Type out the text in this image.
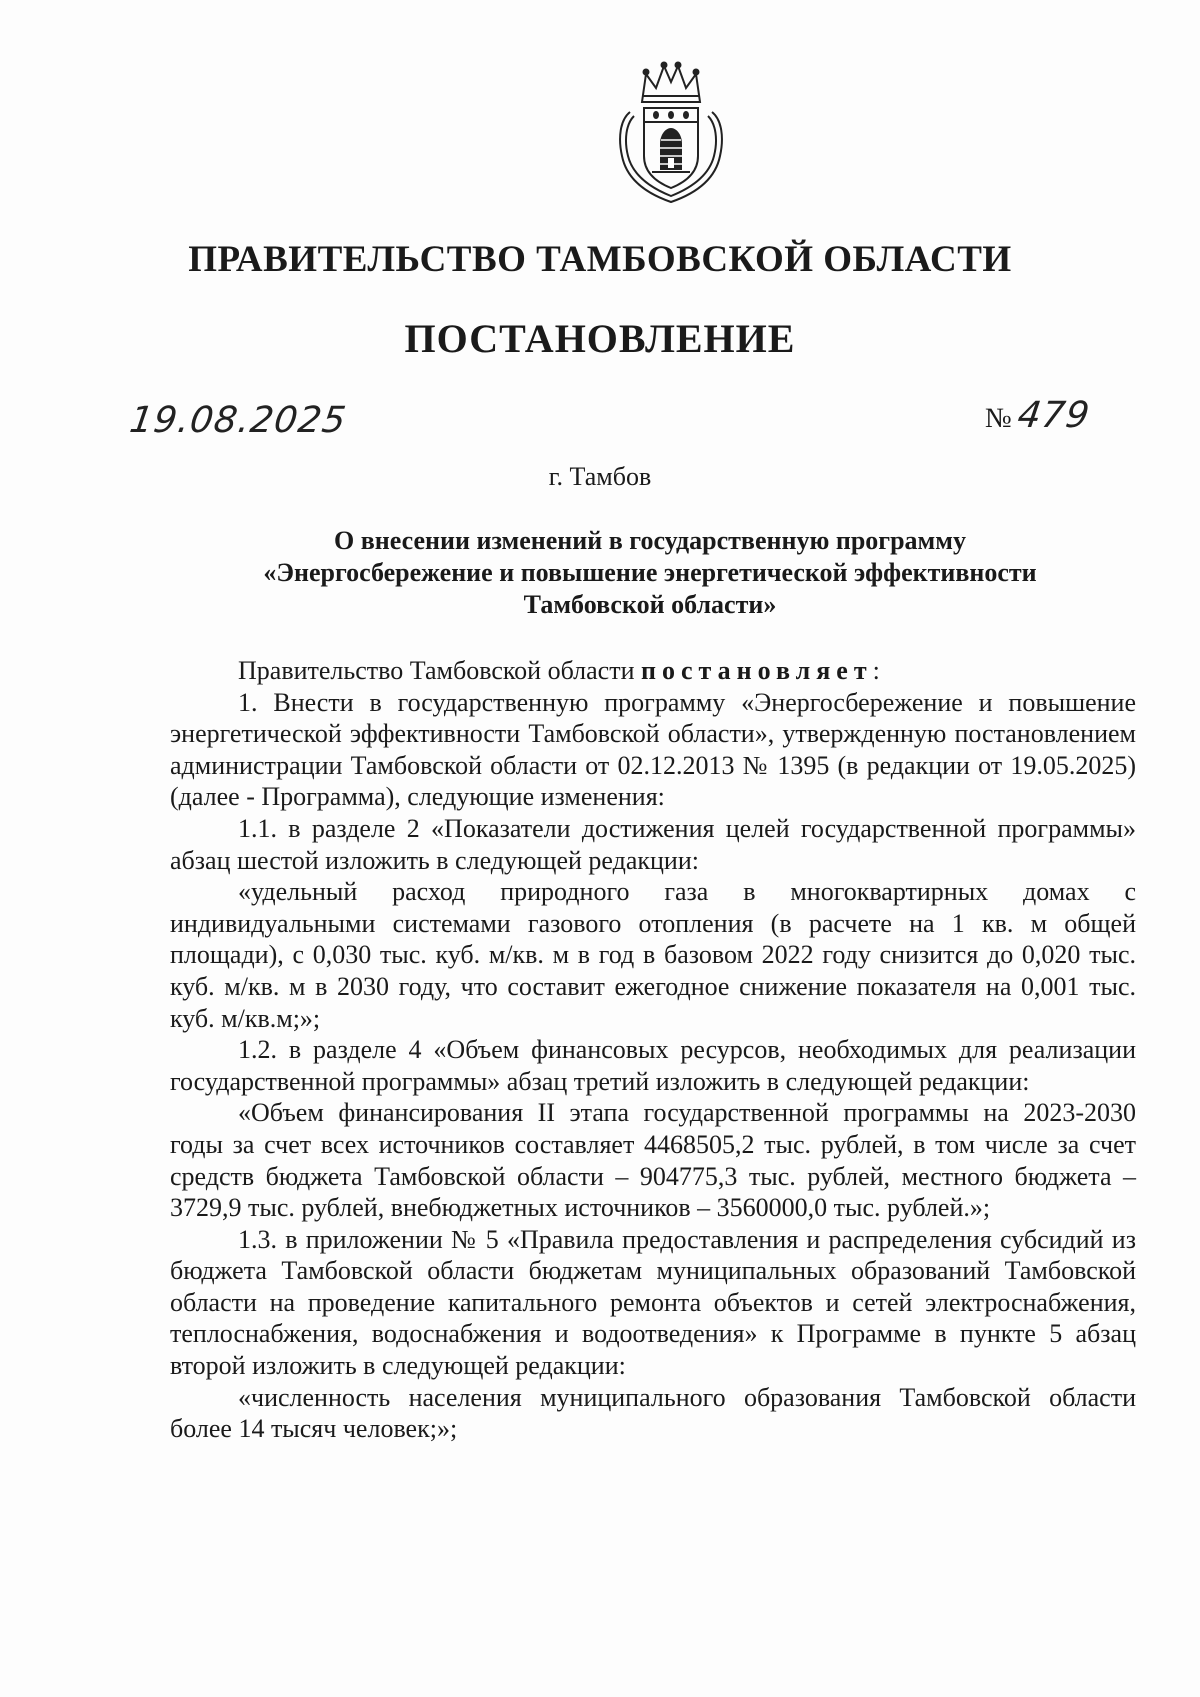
ПРАВИТЕЛЬСТВО ТАМБОВСКОЙ ОБЛАСТИ
ПОСТАНОВЛЕНИЕ
19.08.2025	№479
г. Тамбов
О внесении изменений в государственную программу
«Энергосбережение и повышение энергетической эффективности
Тамбовской области»

Правительство Тамбовской области постановляет:

1. Внести в государственную программу «Энергосбережение и повышение энергетической эффективности Тамбовской области», утвержденную постановлением администрации Тамбовской области от 02.12.2013 № 1395 (в редакции от 19.05.2025) (далее - Программа), следующие изменения:

1.1. в разделе 2 «Показатели достижения целей государственной программы» абзац шестой изложить в следующей редакции:

«удельный расход природного газа в многоквартирных домах с индивидуальными системами газового отопления (в расчете на 1 кв. м общей площади), с 0,030 тыс. куб. м/кв. м в год в базовом 2022 году снизится до 0,020 тыс. куб. м/кв. м в 2030 году, что составит ежегодное снижение показателя на 0,001 тыс. куб. м/кв.м;»;

1.2. в разделе 4 «Объем финансовых ресурсов, необходимых для реализации государственной программы» абзац третий изложить в следующей редакции:

«Объем финансирования II этапа государственной программы на 2023-2030 годы за счет всех источников составляет 4468505,2 тыс. рублей, в том числе за счет средств бюджета Тамбовской области – 904775,3 тыс. рублей, местного бюджета – 3729,9 тыс. рублей, внебюджетных источников – 3560000,0 тыс. рублей.»;

1.3. в приложении № 5 «Правила предоставления и распределения субсидий из бюджета Тамбовской области бюджетам муниципальных образований Тамбовской области на проведение капитального ремонта объектов и сетей электроснабжения, теплоснабжения, водоснабжения и водоотведения» к Программе в пункте 5 абзац второй изложить в следующей редакции:

«численность населения муниципального образования Тамбовской области более 14 тысяч человек;»;
